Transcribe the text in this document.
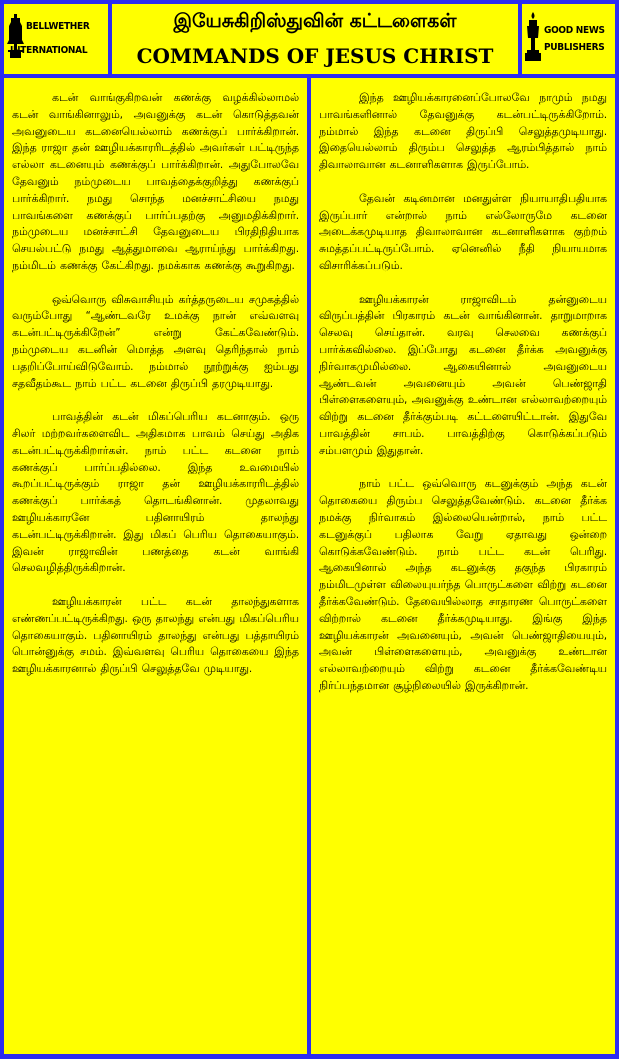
BELLWETHER
INTERNATIONAL
இயேசுகிறிஸ்துவின் கட்டளைகள்
COMMANDS OF JESUS CHRIST
GOOD NEWS
PUBLISHERS

கடன் வாங்குகிறவன் கணக்கு வழக்கில்லாமல் கடன் வாங்கினாலும், அவனுக்கு கடன் கொடுத்தவன் அவனுடைய கடனையெல்லாம் கணக்குப் பார்க்கிறான். இந்த ராஜா தன் ஊழியக்காரரிடத்தில் அவர்கள் பட்டிருந்த எல்லா கடனையும் கணக்குப் பார்க்கிறான். அதுபோலவே தேவனும் நம்முடைய பாவத்தைக்குறித்து கணக்குப் பார்க்கிறார். நமது சொந்த மனச்சாட்சியை நமது பாவங்களை கணக்குப் பார்ப்பதற்கு அனுமதிக்கிறார். நம்முடைய மனச்சாட்சி தேவனுடைய பிரதிநிதியாக செயல்பட்டு நமது ஆத்துமாவை ஆராய்ந்து பார்க்கிறது. நம்மிடம் கணக்கு கேட்கிறது. நமக்காக கணக்கு கூறுகிறது.

ஒவ்வொரு விசுவாசியும் கர்த்தருடைய சமுகத்தில் வரும்போது “ஆண்டவரே உமக்கு நான் எவ்வளவு கடன்பட்டிருக்கிறேன்” என்று கேட்கவேண்டும். நம்முடைய கடனின் மொத்த அளவு தெரிந்தால் நாம் பதறிப்போய்விடுவோம். நம்மால் நூற்றுக்கு ஐம்பது சதவீதம்கூட நாம் பட்ட கடனை திருப்பி தரமுடியாது.

பாவத்தின் கடன் மிகப்பெரிய கடனாகும். ஒரு சிலர் மற்றவர்களைவிட அதிகமாக பாவம் செய்து அதிக கடன்பட்டிருக்கிறார்கள். நாம் பட்ட கடனை நாம் கணக்குப் பார்ப்பதில்லை. இந்த உவமையில் கூறப்பட்டிருக்கும் ராஜா தன் ஊழியக்காரரிடத்தில் கணக்குப் பார்க்கத் தொடங்கினான். முதலாவது ஊழியக்காரனே பதினாயிரம் தாலந்து கடன்பட்டிருக்கிறான். இது மிகப் பெரிய தொகையாகும். இவன் ராஜாவின் பணத்தை கடன் வாங்கி செலவழித்திருக்கிறான்.

ஊழியக்காரன் பட்ட கடன் தாலந்துகளாக எண்ணப்பட்டிருக்கிறது. ஒரு தாலந்து என்பது மிகப்பெரிய தொகையாகும். பதினாயிரம் தாலந்து என்பது பத்தாயிரம் பொன்னுக்கு சமம். இவ்வளவு பெரிய தொகையை இந்த ஊழியக்காரனால் திருப்பி செலுத்தவே முடியாது.

இந்த ஊழியக்காரனைப்போலவே நாமும் நமது பாவங்களினால் தேவனுக்கு கடன்பட்டிருக்கிறோம். நம்மால் இந்த கடனை திருப்பி செலுத்தமுடியாது. இதையெல்லாம் திரும்ப செலுத்த ஆரம்பித்தால் நாம் திவாலாவான கடனாளிகளாக இருப்போம்.

தேவன் கடினமான மனதுள்ள நியாயாதிபதியாக இருப்பார் என்றால் நாம் எல்லோருமே கடனை அடைக்கமுடியாத திவாலாவான கடனாளிகளாக குற்றம் சுமத்தப்பட்டிருப்போம். ஏனெனில் நீதி நியாயமாக விசாரிக்கப்படும்.

ஊழியக்காரன் ராஜாவிடம் தன்னுடைய விருப்பத்தின் பிரகாரம் கடன் வாங்கினான். தாறுமாறாக செலவு செய்தான். வரவு செலவை கணக்குப் பார்க்கவில்லை. இப்போது கடனை தீர்க்க அவனுக்கு நிர்வாகமுமில்லை. ஆகையினால் அவனுடைய ஆண்டவன் அவனையும் அவன் பெண்ஜாதி பிள்ளைகளையும், அவனுக்கு உண்டான எல்லாவற்றையும் விற்று கடனை தீர்க்கும்படி கட்டளையிட்டான். இதுவே பாவத்தின் சாபம். பாவத்திற்கு கொடுக்கப்படும் சம்பளமும் இதுதான்.

நாம் பட்ட ஒவ்வொரு கடனுக்கும் அந்த கடன் தொகையை திரும்ப செலுத்தவேண்டும். கடனை தீர்க்க நமக்கு நிர்வாகம் இல்லையென்றால், நாம் பட்ட கடனுக்குப் பதிலாக வேறு ஏதாவது ஒன்றை கொடுக்கவேண்டும். நாம் பட்ட கடன் பெரிது. ஆகையினால் அந்த கடனுக்கு தகுந்த பிரகாரம் நம்மிடமுள்ள விலையுயர்ந்த பொருட்களை விற்று கடனை தீர்க்கவேண்டும். தேவையில்லாத சாதாரண பொருட்களை விற்றால் கடனை தீர்க்கமுடியாது. இங்கு இந்த ஊழியக்காரன் அவனையும், அவன் பெண்ஜாதியையும், அவன் பிள்ளைகளையும், அவனுக்கு உண்டான எல்லாவற்றையும் விற்று கடனை தீர்க்கவேண்டிய நிர்ப்பந்தமான சூழ்நிலையில் இருக்கிறான்.
